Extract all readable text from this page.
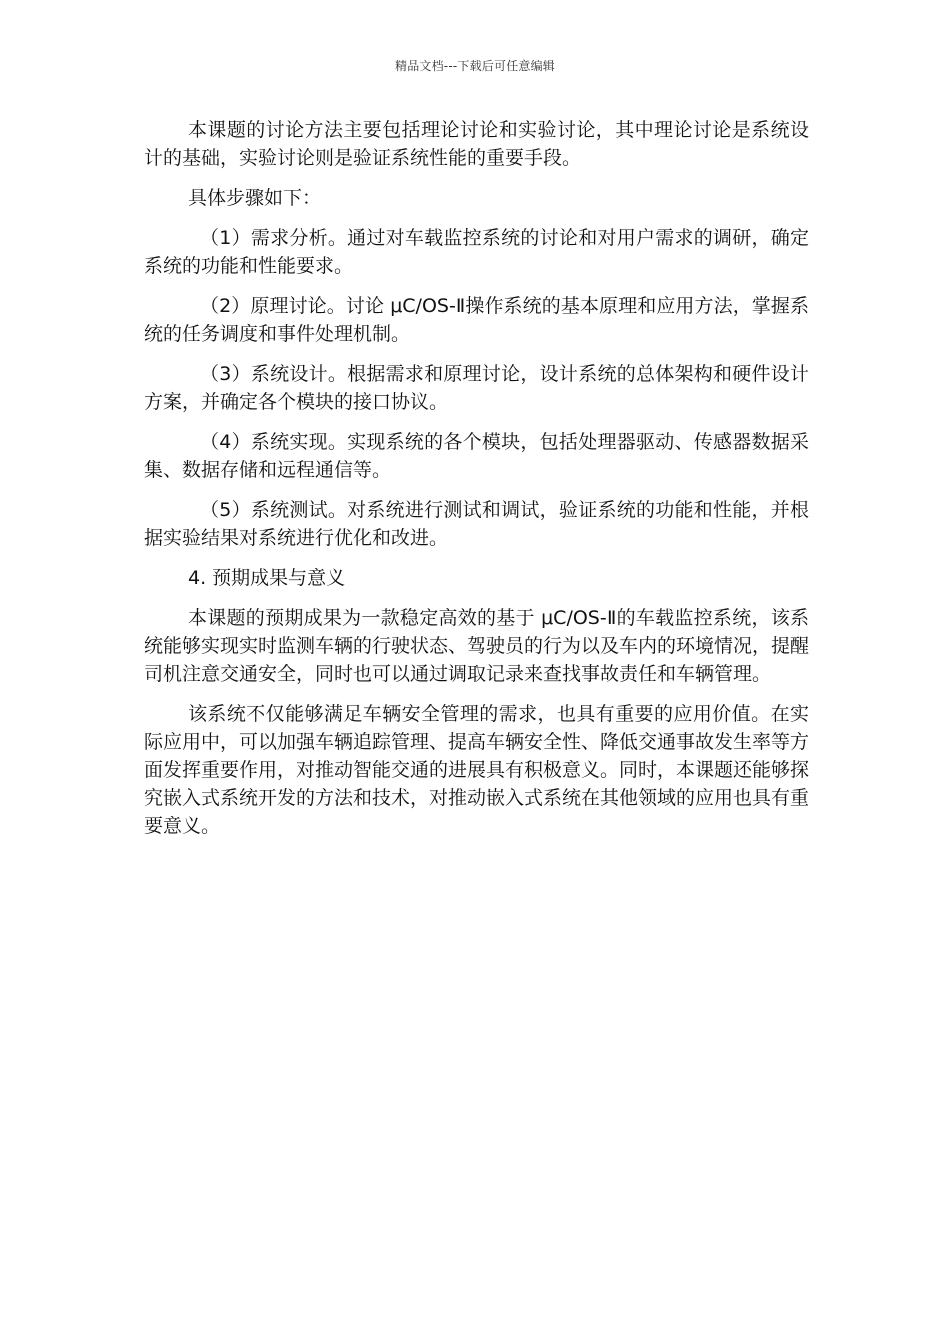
精品文档---下载后可任意编辑

本课题的讨论方法主要包括理论讨论和实验讨论，其中理论讨论是系统设计的基础，实验讨论则是验证系统性能的重要手段。

具体步骤如下：

（1）需求分析。通过对车载监控系统的讨论和对用户需求的调研，确定系统的功能和性能要求。

（2）原理讨论。讨论 μC/OS-Ⅱ操作系统的基本原理和应用方法，掌握系统的任务调度和事件处理机制。

（3）系统设计。根据需求和原理讨论，设计系统的总体架构和硬件设计方案，并确定各个模块的接口协议。

（4）系统实现。实现系统的各个模块，包括处理器驱动、传感器数据采集、数据存储和远程通信等。

（5）系统测试。对系统进行测试和调试，验证系统的功能和性能，并根据实验结果对系统进行优化和改进。

4. 预期成果与意义

本课题的预期成果为一款稳定高效的基于 μC/OS-Ⅱ的车载监控系统，该系统能够实现实时监测车辆的行驶状态、驾驶员的行为以及车内的环境情况，提醒司机注意交通安全，同时也可以通过调取记录来查找事故责任和车辆管理。

该系统不仅能够满足车辆安全管理的需求，也具有重要的应用价值。在实际应用中，可以加强车辆追踪管理、提高车辆安全性、降低交通事故发生率等方面发挥重要作用，对推动智能交通的进展具有积极意义。同时，本课题还能够探究嵌入式系统开发的方法和技术，对推动嵌入式系统在其他领域的应用也具有重要意义。
